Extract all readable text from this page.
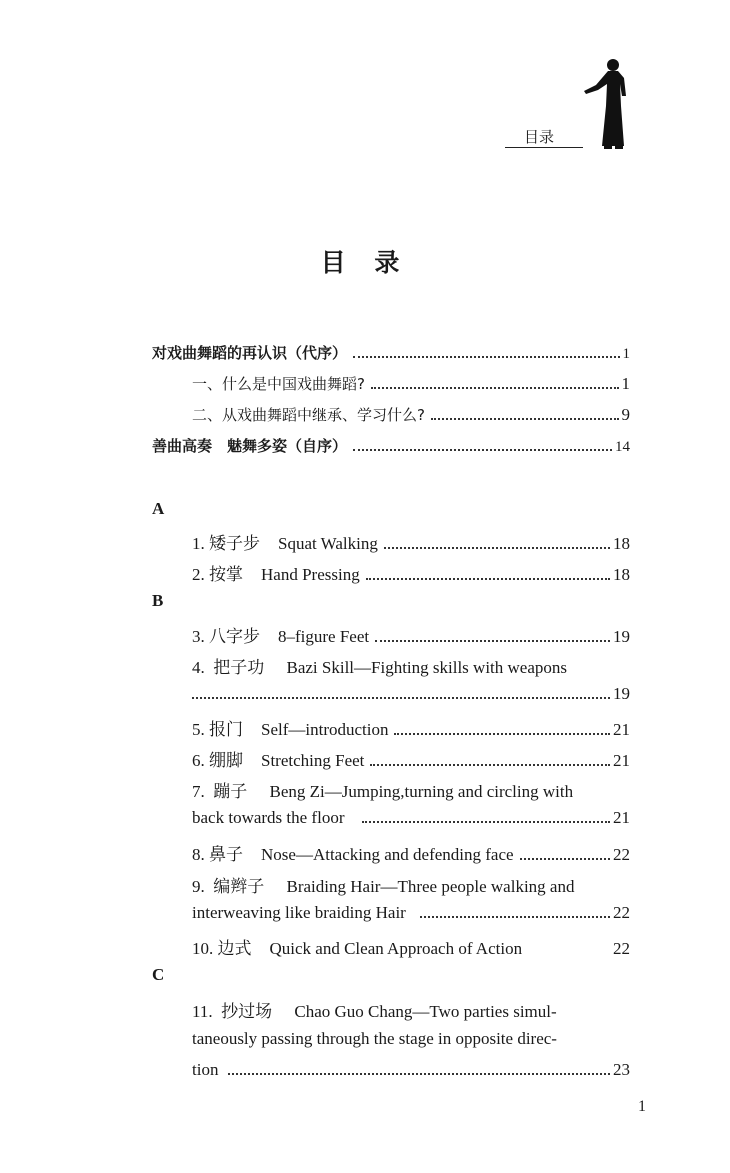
目录
目 录
对戏曲舞蹈的再认识（代序）	1
一、什么是中国戏曲舞蹈?	1
二、从戏曲舞蹈中继承、学习什么?	9
善曲高奏　魅舞多姿（自序）	14
A
1.
矮子步 Squat Walking	18
2.
按掌 Hand Pressing	18
B
3.
八字步 8–figure Feet	19
4. 把子功 Bazi Skill—Fighting skills with weapons
19
5.
报门 Self—introduction	21
6.
绷脚 Stretching Feet	21
7. 蹦子 Beng Zi—Jumping,turning and circling with
back towards the floor	21
8.
鼻子 Nose—Attacking and defending face	22
9. 编辫子 Braiding Hair—Three people walking and
interweaving like braiding Hair	22
10.
边式 Quick and Clean Approach of Action	22
C
11. 抄过场 Chao Guo Chang—Two parties simul-
taneously passing through the stage in opposite direc-
tion	23
1
